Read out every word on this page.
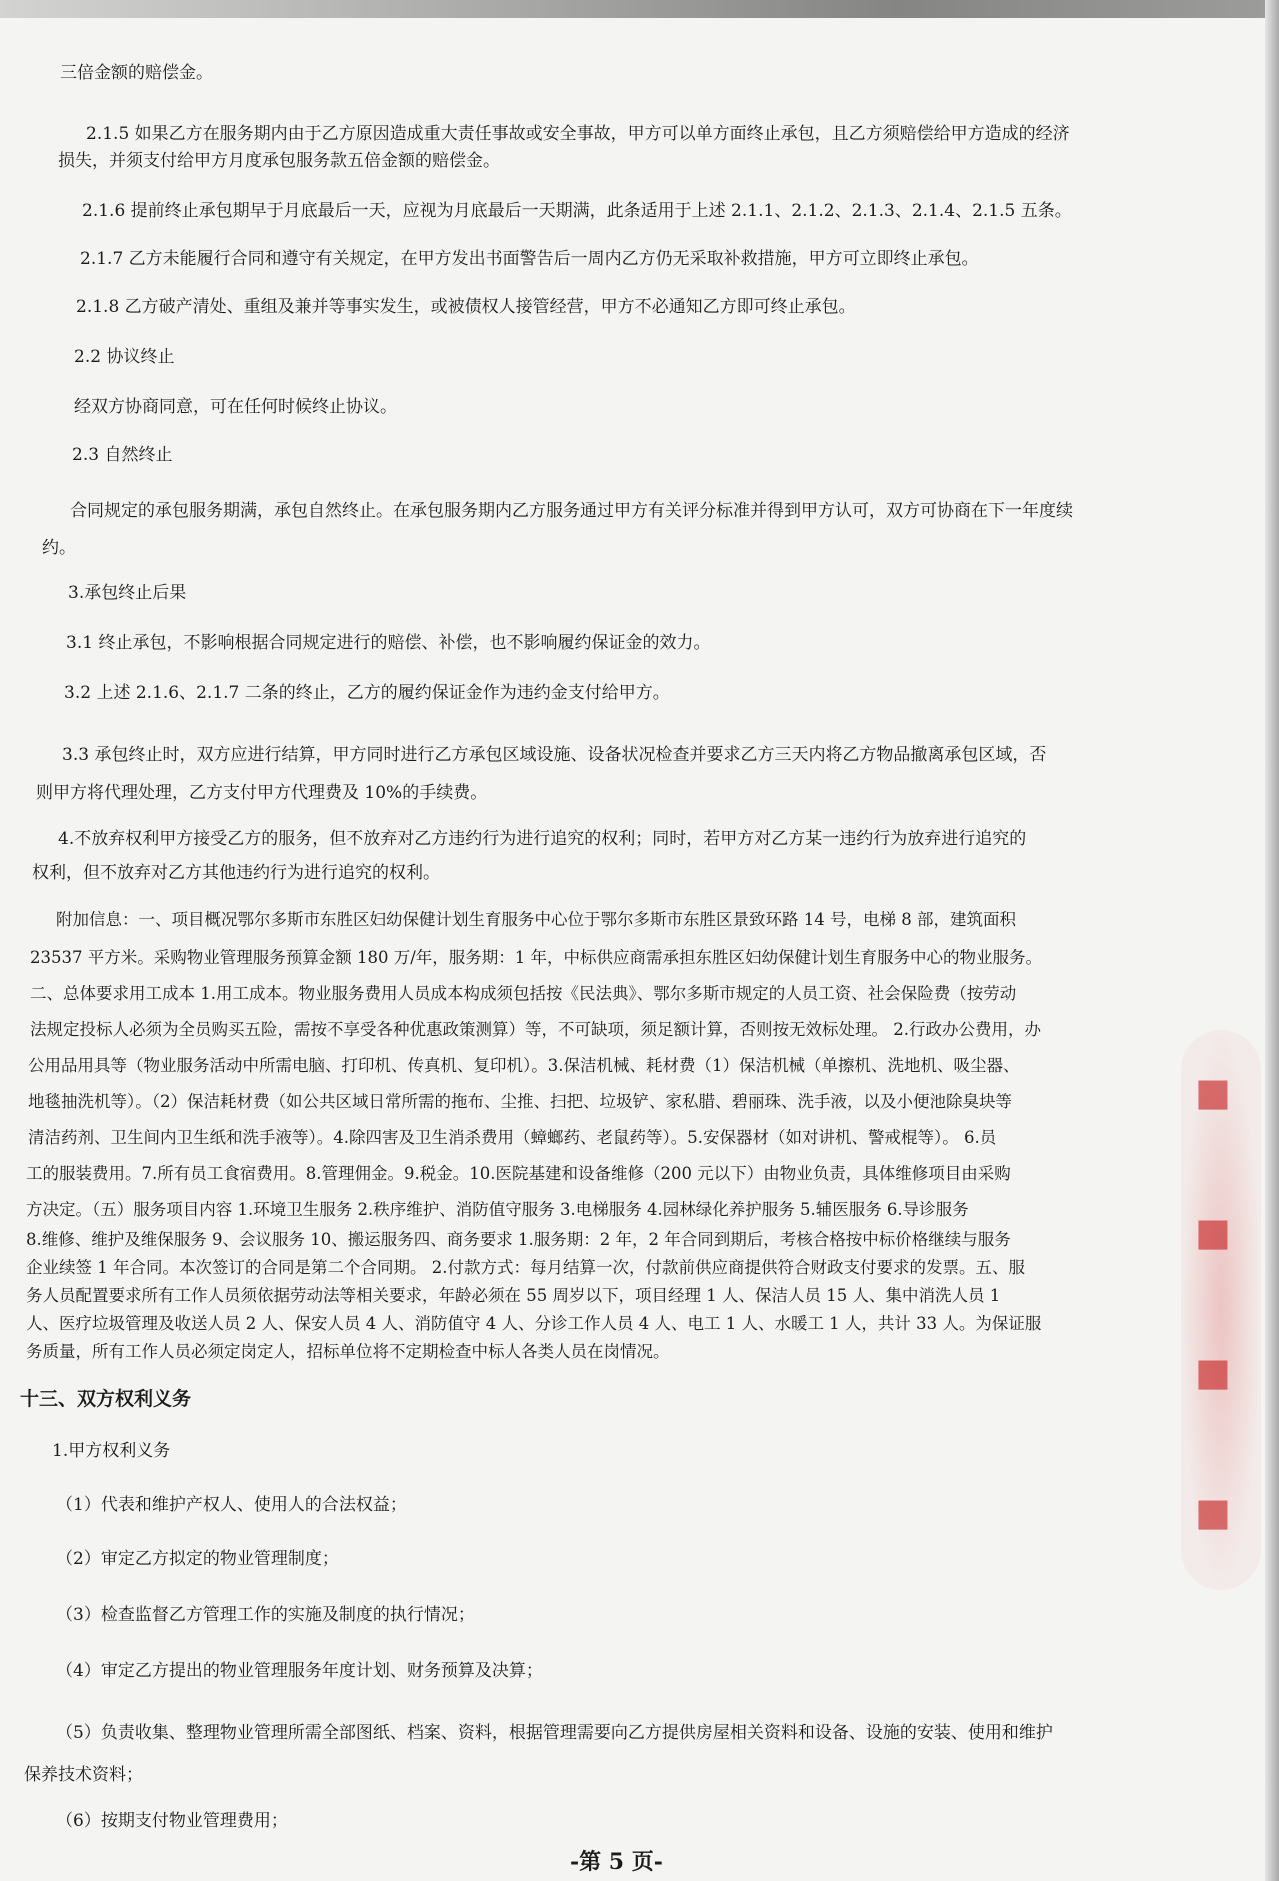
■
■
■
■

三倍金额的赔偿金。

2.1.5 如果乙方在服务期内由于乙方原因造成重大责任事故或安全事故，甲方可以单方面终止承包，且乙方须赔偿给甲方造成的经济

损失，并须支付给甲方月度承包服务款五倍金额的赔偿金。

2.1.6 提前终止承包期早于月底最后一天，应视为月底最后一天期满，此条适用于上述 2.1.1、2.1.2、2.1.3、2.1.4、2.1.5 五条。

2.1.7 乙方未能履行合同和遵守有关规定，在甲方发出书面警告后一周内乙方仍无采取补救措施，甲方可立即终止承包。

2.1.8 乙方破产清处、重组及兼并等事实发生，或被债权人接管经营，甲方不必通知乙方即可终止承包。

2.2 协议终止

经双方协商同意，可在任何时候终止协议。

2.3 自然终止

合同规定的承包服务期满，承包自然终止。在承包服务期内乙方服务通过甲方有关评分标准并得到甲方认可，双方可协商在下一年度续

约。

3.承包终止后果

3.1 终止承包，不影响根据合同规定进行的赔偿、补偿，也不影响履约保证金的效力。

3.2 上述 2.1.6、2.1.7 二条的终止，乙方的履约保证金作为违约金支付给甲方。

3.3 承包终止时，双方应进行结算，甲方同时进行乙方承包区域设施、设备状况检查并要求乙方三天内将乙方物品撤离承包区域，否

则甲方将代理处理，乙方支付甲方代理费及 10%的手续费。

4.不放弃权利甲方接受乙方的服务，但不放弃对乙方违约行为进行追究的权利；同时，若甲方对乙方某一违约行为放弃进行追究的

权利，但不放弃对乙方其他违约行为进行追究的权利。

附加信息：一、项目概况鄂尔多斯市东胜区妇幼保健计划生育服务中心位于鄂尔多斯市东胜区景致环路 14 号，电梯 8 部，建筑面积

23537 平方米。采购物业管理服务预算金额 180 万/年，服务期：1 年，中标供应商需承担东胜区妇幼保健计划生育服务中心的物业服务。

二、总体要求用工成本 1.用工成本。物业服务费用人员成本构成须包括按《民法典》、鄂尔多斯市规定的人员工资、社会保险费（按劳动

法规定投标人必须为全员购买五险，需按不享受各种优惠政策测算）等，不可缺项，须足额计算，否则按无效标处理。 2.行政办公费用，办

公用品用具等（物业服务活动中所需电脑、打印机、传真机、复印机）。3.保洁机械、耗材费（1）保洁机械（单擦机、洗地机、吸尘器、

地毯抽洗机等）。（2）保洁耗材费（如公共区域日常所需的拖布、尘推、扫把、垃圾铲、家私腊、碧丽珠、洗手液，以及小便池除臭块等

清洁药剂、卫生间内卫生纸和洗手液等）。4.除四害及卫生消杀费用（蟑螂药、老鼠药等）。5.安保器材（如对讲机、警戒棍等）。 6.员

工的服装费用。7.所有员工食宿费用。8.管理佣金。9.税金。10.医院基建和设备维修（200 元以下）由物业负责，具体维修项目由采购

方决定。（五）服务项目内容 1.环境卫生服务 2.秩序维护、消防值守服务 3.电梯服务 4.园林绿化养护服务 5.辅医服务 6.导诊服务

8.维修、维护及维保服务 9、会议服务 10、搬运服务四、商务要求 1.服务期：2 年，2 年合同到期后，考核合格按中标价格继续与服务

企业续签 1 年合同。本次签订的合同是第二个合同期。 2.付款方式：每月结算一次，付款前供应商提供符合财政支付要求的发票。五、服

务人员配置要求所有工作人员须依据劳动法等相关要求，年龄必须在 55 周岁以下，项目经理 1 人、保洁人员 15 人、集中消洗人员 1

人、医疗垃圾管理及收送人员 2 人、保安人员 4 人、消防值守 4 人、分诊工作人员 4 人、电工 1 人、水暖工 1 人，共计 33 人。为保证服

务质量，所有工作人员必须定岗定人，招标单位将不定期检查中标人各类人员在岗情况。

十三、双方权利义务

1.甲方权利义务

（1）代表和维护产权人、使用人的合法权益；

（2）审定乙方拟定的物业管理制度；

（3）检查监督乙方管理工作的实施及制度的执行情况；

（4）审定乙方提出的物业管理服务年度计划、财务预算及决算；

（5）负责收集、整理物业管理所需全部图纸、档案、资料，根据管理需要向乙方提供房屋相关资料和设备、设施的安装、使用和维护

保养技术资料；

（6）按期支付物业管理费用；

-第 5 页-
